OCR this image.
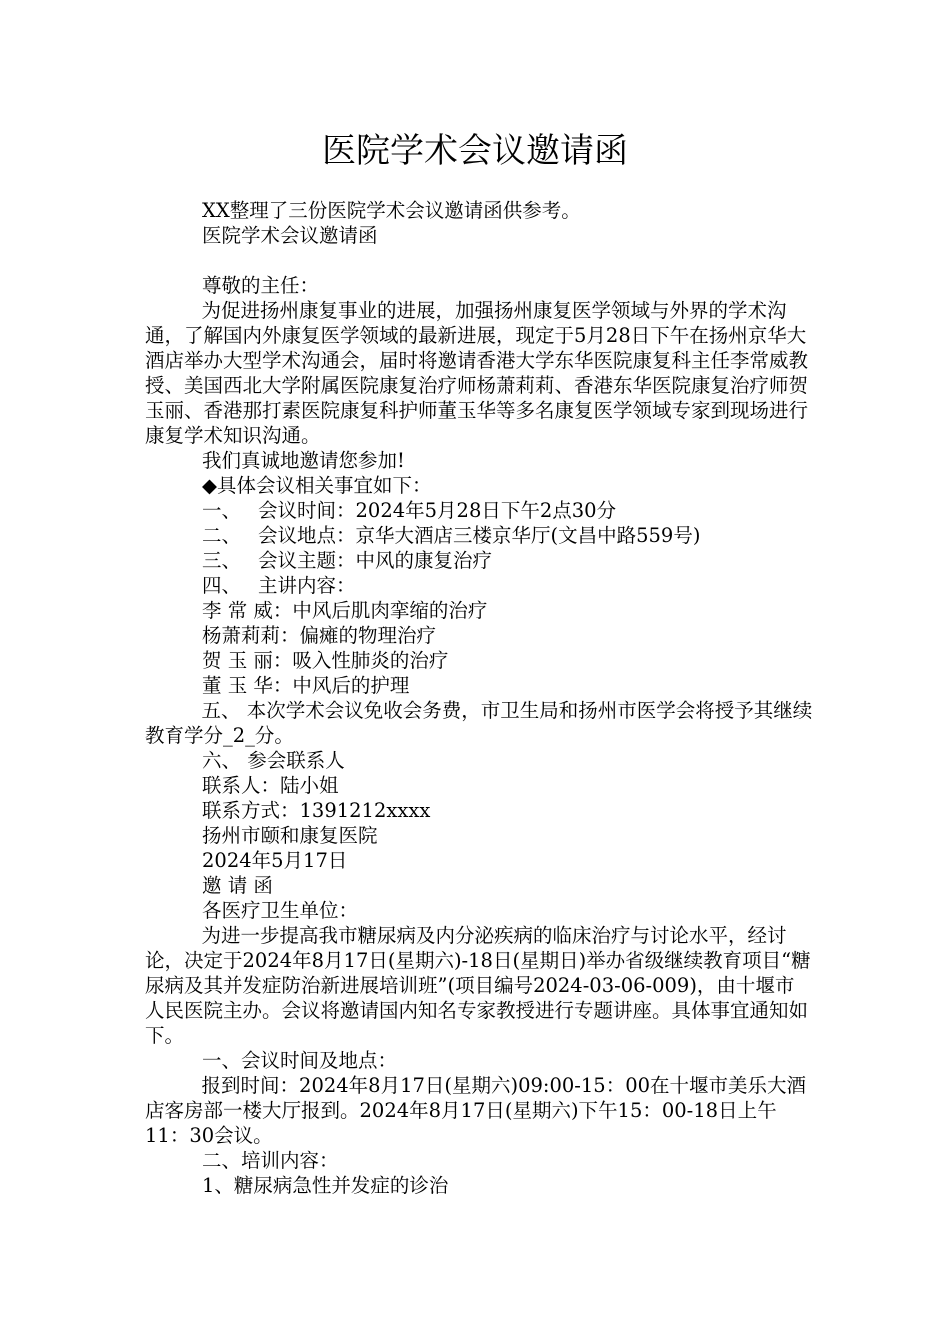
医院学术会议邀请函
XX整理了三份医院学术会议邀请函供参考。
医院学术会议邀请函
尊敬的主任：

为促进扬州康复事业的进展，加强扬州康复医学领域与外界的学术沟通，了解国内外康复医学领域的最新进展，现定于5月28日下午在扬州京华大酒店举办大型学术沟通会，届时将邀请香港大学东华医院康复科主任李常威教授、美国西北大学附属医院康复治疗师杨萧莉莉、香港东华医院康复治疗师贺玉丽、香港那打素医院康复科护师董玉华等多名康复医学领域专家到现场进行康复学术知识沟通。

我们真诚地邀请您参加!
◆具体会议相关事宜如下：
一、 会议时间：2024年5月28日下午2点30分
二、 会议地点：京华大酒店三楼京华厅(文昌中路559号)
三、 会议主题：中风的康复治疗
四、 主讲内容：
李 常 威：中风后肌肉挛缩的治疗
杨萧莉莉：偏瘫的物理治疗
贺 玉 丽：吸入性肺炎的治疗
董 玉 华：中风后的护理

五、 本次学术会议免收会务费，市卫生局和扬州市医学会将授予其继续教育学分_2_分。

六、 参会联系人
联系人：陆小姐
联系方式：1391212xxxx
扬州市颐和康复医院
2024年5月17日
邀 请 函
各医疗卫生单位：

为进一步提高我市糖尿病及内分泌疾病的临床治疗与讨论水平，经讨论，决定于2024年8月17日(星期六)-18日(星期日)举办省级继续教育项目“糖尿病及其并发症防治新进展培训班”(项目编号2024-03-06-009)，由十堰市人民医院主办。会议将邀请国内知名专家教授进行专题讲座。具体事宜通知如下。

一、会议时间及地点：

报到时间：2024年8月17日(星期六)09:00-15：00在十堰市美乐大酒店客房部一楼大厅报到。2024年8月17日(星期六)下午15：00-18日上午11：30会议。

二、培训内容：
1、糖尿病急性并发症的诊治
